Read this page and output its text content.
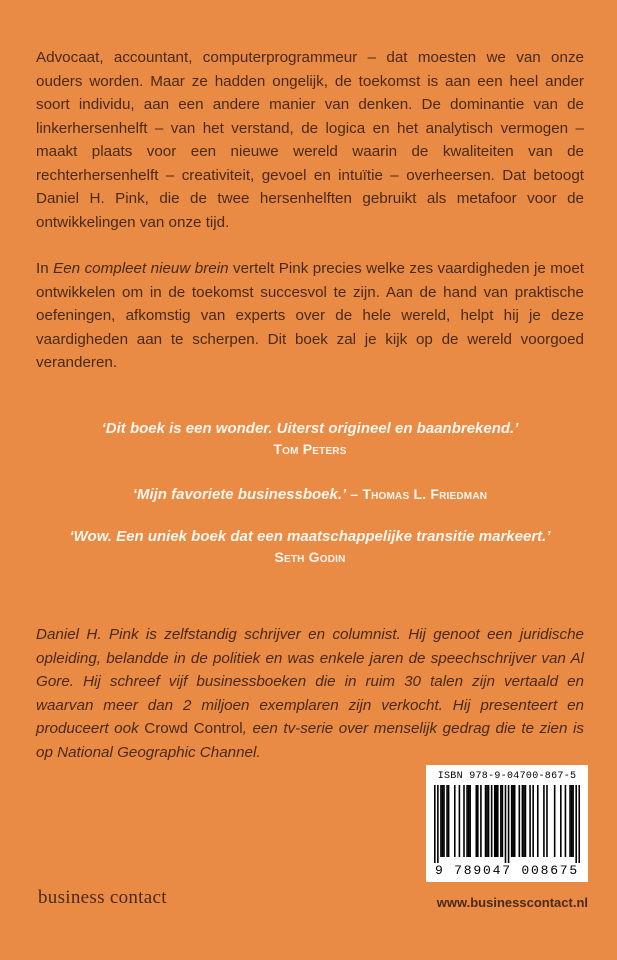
Advocaat, accountant, computerprogrammeur – dat moesten we van onze ouders worden. Maar ze hadden ongelijk, de toekomst is aan een heel ander soort individu, aan een andere manier van denken. De dominantie van de linkerhersenhelft – van het verstand, de logica en het analytisch vermogen – maakt plaats voor een nieuwe wereld waarin de kwaliteiten van de rechterhersenhelft – creativiteit, gevoel en intuïtie – overheersen. Dat betoogt Daniel H. Pink, die de twee hersenhelften gebruikt als metafoor voor de ontwikkelingen van onze tijd.

In Een compleet nieuw brein vertelt Pink precies welke zes vaardigheden je moet ontwikkelen om in de toekomst succesvol te zijn. Aan de hand van praktische oefeningen, afkomstig van experts over de hele wereld, helpt hij je deze vaardigheden aan te scherpen. Dit boek zal je kijk op de wereld voorgoed veranderen.

‘Dit boek is een wonder. Uiterst origineel en baanbrekend.’
Tom Peters
‘Mijn favoriete businessboek.’ – Thomas L. Friedman
‘Wow. Een uniek boek dat een maatschappelijke transitie markeert.’
Seth Godin

Daniel H. Pink is zelfstandig schrijver en columnist. Hij genoot een juridische opleiding, belandde in de politiek en was enkele jaren de speechschrijver van Al Gore. Hij schreef vijf businessboeken die in ruim 30 talen zijn vertaald en waarvan meer dan 2 miljoen exemplaren zijn verkocht. Hij presenteert en produceert ook Crowd Control, een tv-serie over menselijk gedrag die te zien is op National Geographic Channel.

ISBN 978-9-04700-867-5
9 789047 008675
business contact	www.businesscontact.nl
